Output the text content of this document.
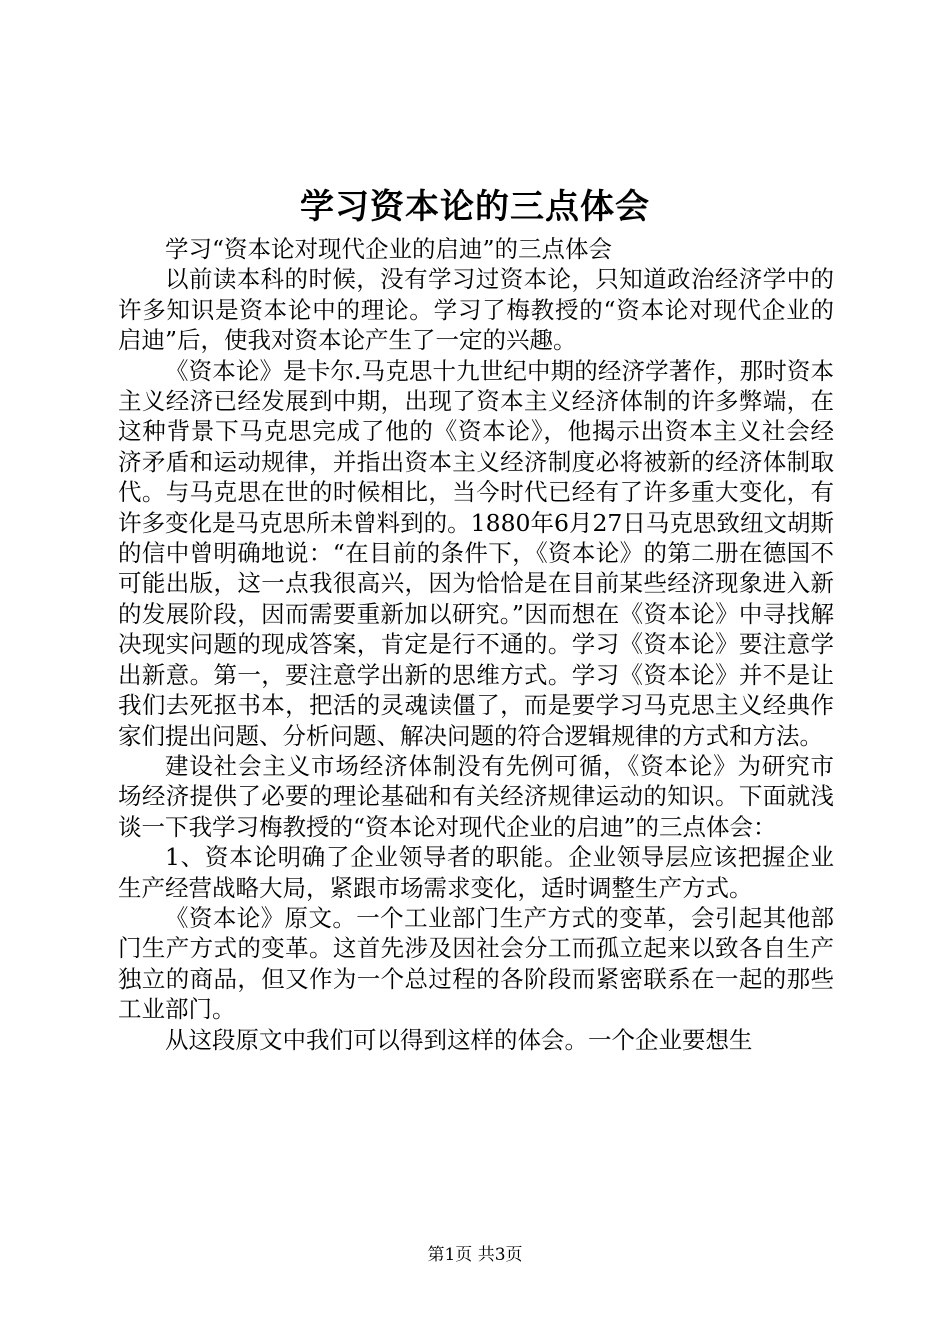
学习资本论的三点体会

学习“资本论对现代企业的启迪”的三点体会

以前读本科的时候，没有学习过资本论，只知道政治经济学中的许多知识是资本论中的理论。学习了梅教授的“资本论对现代企业的启迪”后，使我对资本论产生了一定的兴趣。

《资本论》是卡尔.马克思十九世纪中期的经济学著作，那时资本主义经济已经发展到中期，出现了资本主义经济体制的许多弊端，在这种背景下马克思完成了他的《资本论》，他揭示出资本主义社会经济矛盾和运动规律，并指出资本主义经济制度必将被新的经济体制取代。与马克思在世的时候相比，当今时代已经有了许多重大变化，有许多变化是马克思所未曾料到的。1880年6月27日马克思致纽文胡斯的信中曾明确地说：“在目前的条件下，《资本论》的第二册在德国不可能出版，这一点我很高兴，因为恰恰是在目前某些经济现象进入新的发展阶段，因而需要重新加以研究。”因而想在《资本论》中寻找解决现实问题的现成答案，肯定是行不通的。学习《资本论》要注意学出新意。第一，要注意学出新的思维方式。学习《资本论》并不是让我们去死抠书本，把活的灵魂读僵了，而是要学习马克思主义经典作家们提出问题、分析问题、解决问题的符合逻辑规律的方式和方法。

建设社会主义市场经济体制没有先例可循，《资本论》为研究市场经济提供了必要的理论基础和有关经济规律运动的知识。下面就浅谈一下我学习梅教授的“资本论对现代企业的启迪”的三点体会：

1、资本论明确了企业领导者的职能。企业领导层应该把握企业生产经营战略大局，紧跟市场需求变化，适时调整生产方式。

《资本论》原文。一个工业部门生产方式的变革，会引起其他部门生产方式的变革。这首先涉及因社会分工而孤立起来以致各自生产独立的商品，但又作为一个总过程的各阶段而紧密联系在一起的那些工业部门。

从这段原文中我们可以得到这样的体会。一个企业要想生

第1页 共3页
